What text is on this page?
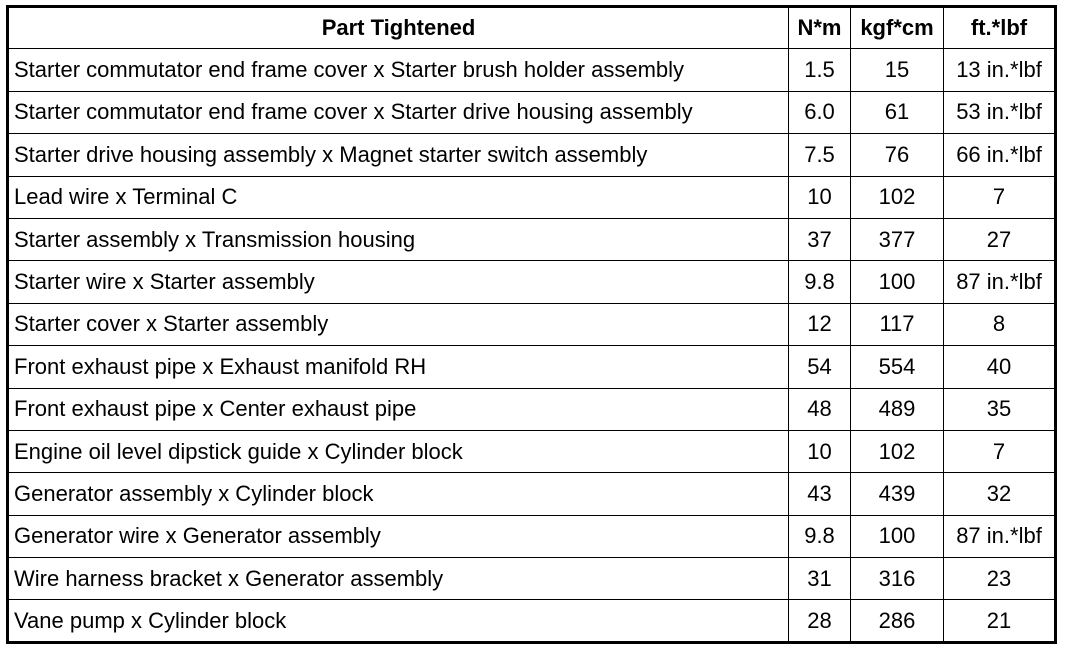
Part Tightened	N*m	kgf*cm	ft.*lbf
Starter commutator end frame cover x Starter brush holder assembly	1.5	15	13 in.*lbf
Starter commutator end frame cover x Starter drive housing assembly	6.0	61	53 in.*lbf
Starter drive housing assembly x Magnet starter switch assembly	7.5	76	66 in.*lbf
Lead wire x Terminal C	10	102	7
Starter assembly x Transmission housing	37	377	27
Starter wire x Starter assembly	9.8	100	87 in.*lbf
Starter cover x Starter assembly	12	117	8
Front exhaust pipe x Exhaust manifold RH	54	554	40
Front exhaust pipe x Center exhaust pipe	48	489	35
Engine oil level dipstick guide x Cylinder block	10	102	7
Generator assembly x Cylinder block	43	439	32
Generator wire x Generator assembly	9.8	100	87 in.*lbf
Wire harness bracket x Generator assembly	31	316	23
Vane pump x Cylinder block	28	286	21
